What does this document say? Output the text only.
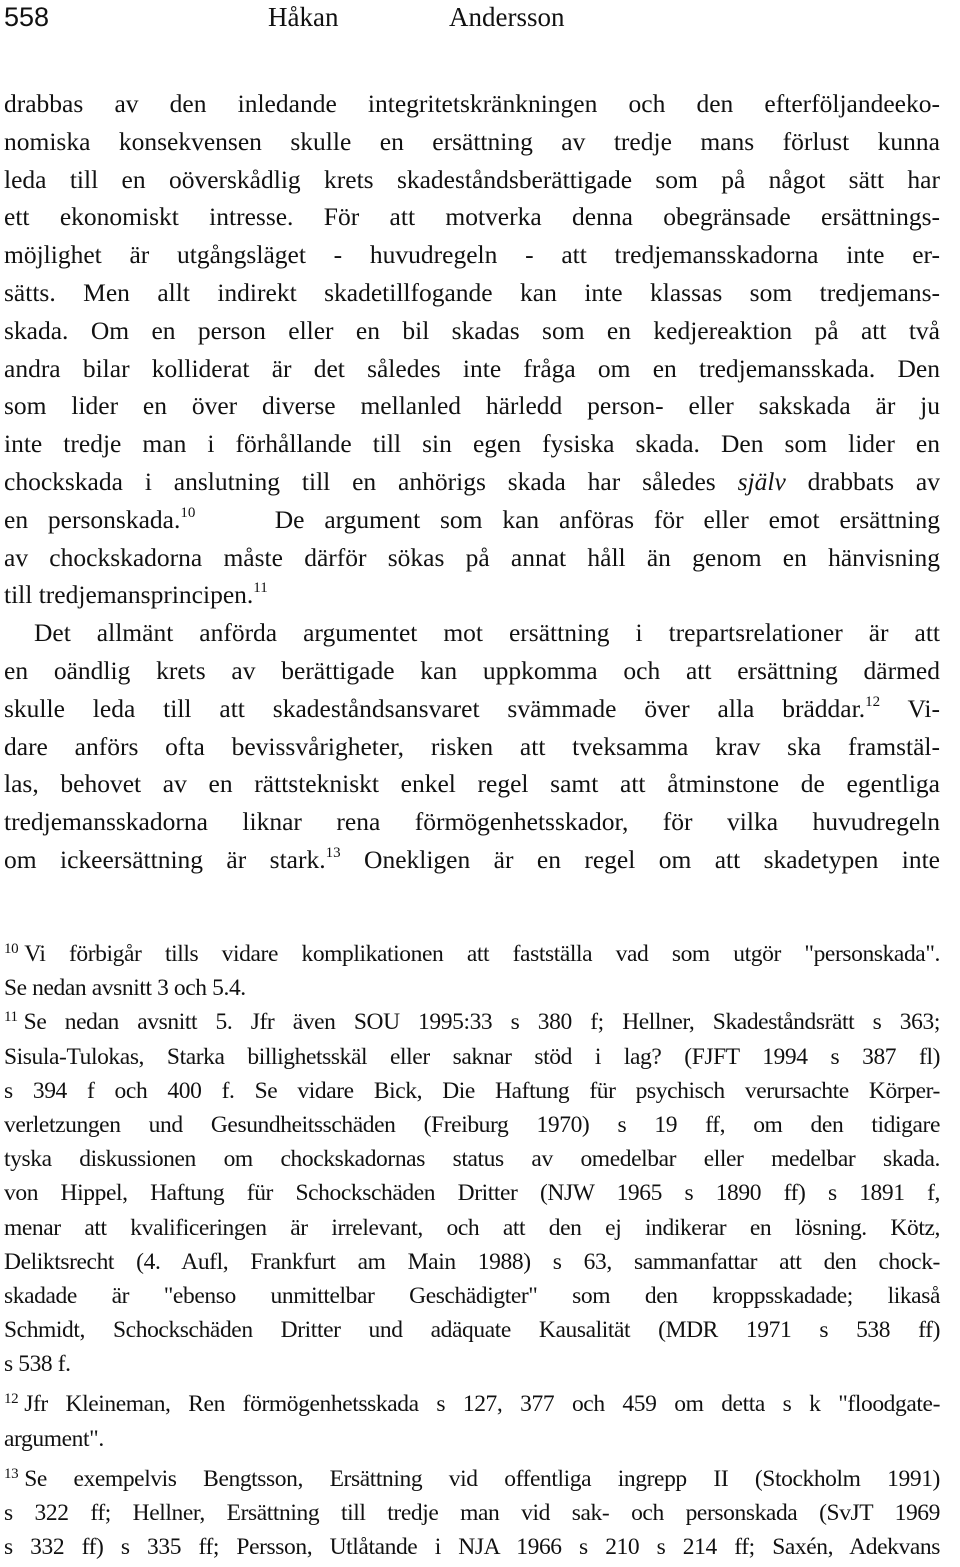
558	Håkan	Andersson
drabbas av den inledande integritetskränkningen och den efterföljandeeko-
nomiska konsekvensen skulle en ersättning av tredje mans förlust kunna
leda till en oöverskådlig krets skadeståndsberättigade som på något sätt har
ett ekonomiskt intresse. För att motverka denna obegränsade ersättnings-
möjlighet är utgångsläget - huvudregeln - att tredjemansskadorna inte er-
sätts. Men allt indirekt skadetillfogande kan inte klassas som tredjemans-
skada. Om en person eller en bil skadas som en kedjereaktion på att två
andra bilar kolliderat är det således inte fråga om en tredjemansskada. Den
som lider en över diverse mellanled härledd person- eller sakskada är ju
inte tredje man i förhållande till sin egen fysiska skada. Den som lider en
chockskada i anslutning till en anhörigs skada har således själv drabbats av
en personskada.$^{10}$	De argument som kan anföras för eller emot ersättning
av chockskadorna måste därför sökas på annat håll än genom en hänvisning
till tredjemansprincipen.$^{11}$
Det allmänt anförda argumentet mot ersättning i trepartsrelationer är att
en oändlig krets av berättigade kan uppkomma och att ersättning därmed
skulle leda till att skadeståndsansvaret svämmade över alla bräddar.$^{12}$ Vi-
dare anförs ofta bevissvårigheter, risken att tveksamma krav ska framstäl-
las, behovet av en rättstekniskt enkel regel samt att åtminstone de egentliga
tredjemansskadorna liknar rena förmögenhetsskador, för vilka huvudregeln
om ickeersättning är stark.$^{13}$ Onekligen är en regel om att skadetypen inte
$^{10}$ Vi förbigår tills vidare komplikationen att fastställa vad som utgör "personskada".
Se nedan avsnitt 3 och 5.4.
$^{11}$ Se nedan avsnitt 5. Jfr även SOU 1995:33 s 380 f; Hellner, Skadeståndsrätt s 363;
Sisula-Tulokas, Starka billighetsskäl eller saknar stöd i lag? (FJFT 1994 s 387 fl)
s 394 f och 400 f. Se vidare Bick, Die Haftung für psychisch verursachte Körper-
verletzungen und Gesundheitsschäden (Freiburg 1970) s 19 ff, om den tidigare
tyska diskussionen om chockskadornas status av omedelbar eller medelbar skada.
von Hippel, Haftung für Schockschäden Dritter (NJW 1965 s 1890 ff) s 1891 f,
menar att kvalificeringen är irrelevant, och att den ej indikerar en lösning. Kötz,
Deliktsrecht (4. Aufl, Frankfurt am Main 1988) s 63, sammanfattar att den chock-
skadade är "ebenso unmittelbar Geschädigter" som den kroppsskadade; likaså
Schmidt, Schockschäden Dritter und adäquate Kausalität (MDR 1971 s 538 ff)
s 538 f.
$^{12}$ Jfr Kleineman, Ren förmögenhetsskada s 127, 377 och 459 om detta s k "floodgate-
argument".
$^{13}$ Se exempelvis Bengtsson, Ersättning vid offentliga ingrepp II (Stockholm 1991)
s 322 ff; Hellner, Ersättning till tredje man vid sak- och personskada (SvJT 1969
s 332 ff) s 335 ff; Persson, Utlåtande i NJA 1966 s 210 s 214 ff; Saxén, Adekvans
